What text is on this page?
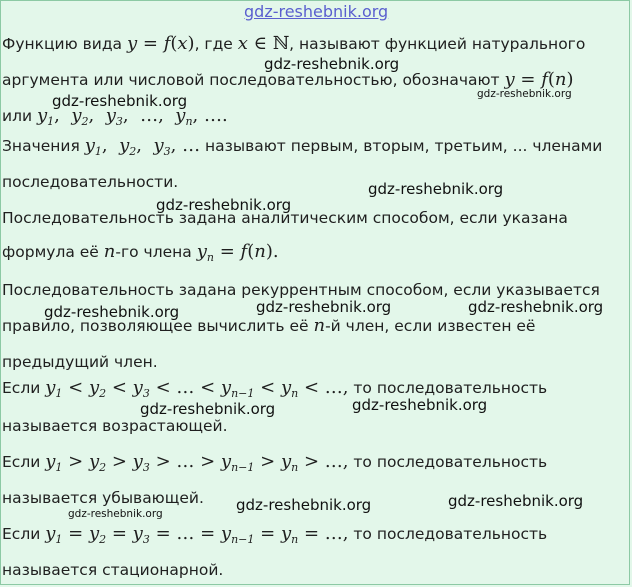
gdz-reshebnik.org
Функцию вида y = f(x), где x ∈ ℕ, называют функцией натурального
аргумента или числовой последовательностью, обозначают y = f(n)
или $y_1$,  $y_2$,  $y_3$, …,  $y_n$, ….
Значения $y_1$,  $y_2$,  $y_3$, … называют первым, вторым, третьим, ... членами
последовательности.
Последовательность задана аналитическим способом, если указана
формула её n-го члена $y_n = f(n)$.
Последовательность задана рекуррентным способом, если указывается
правило, позволяющее вычислить её n-й член, если известен её
предыдущий член.
Если $y_1 < y_2 < y_3$ < … < $y_{n-1} < y_n$ < …, то последовательность
называется возрастающей.
Если $y_1 > y_2 > y_3$ > … > $y_{n-1} > y_n$ > …, то последовательность
называется убывающей.
Если $y_1 = y_2 = y_3$ = … = $y_{n-1} = y_n$ = …, то последовательность
называется стационарной.
gdz-reshebnik.org
gdz-reshebnik.org
gdz-reshebnik.org
gdz-reshebnik.org
gdz-reshebnik.org
gdz-reshebnik.org	gdz-reshebnik.org	gdz-reshebnik.org
gdz-reshebnik.org
gdz-reshebnik.org
gdz-reshebnik.org	gdz-reshebnik.org
gdz-reshebnik.org
